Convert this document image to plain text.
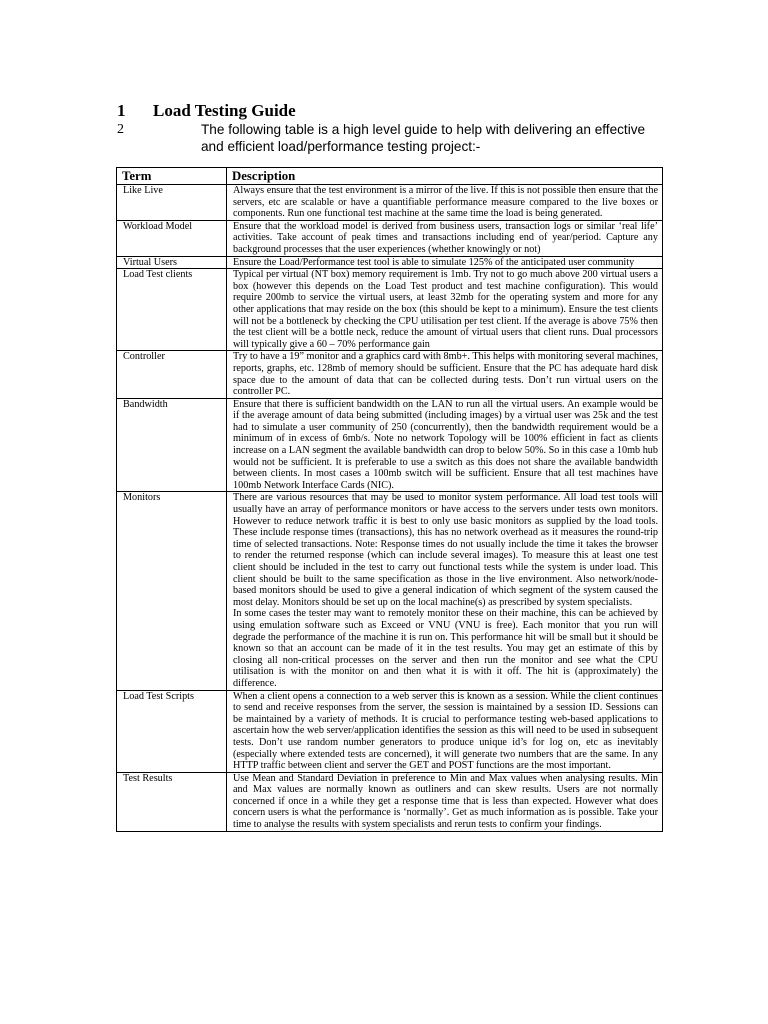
1 Load Testing Guide
2	The following table is a high level guide to help with delivering an effective
and efficient load/performance testing project:-
Term	Description
Like Live	Always ensure that the test environment is a mirror of the live. If this is not possible then ensure that the servers, etc are scalable or have a quantifiable performance measure compared to the live boxes or components. Run one functional test machine at the same time the load is being generated.
Workload Model	Ensure that the workload model is derived from business users, transaction logs or similar ‘real life’ activities. Take account of peak times and transactions including end of year/period. Capture any background processes that the user experiences (whether knowingly or not)
Virtual Users	Ensure the Load/Performance test tool is able to simulate 125% of the anticipated user community
Load Test clients	Typical per virtual (NT box) memory requirement is 1mb. Try not to go much above 200 virtual users a box (however this depends on the Load Test product and test machine configuration). This would require 200mb to service the virtual users, at least 32mb for the operating system and more for any other applications that may reside on the box (this should be kept to a minimum). Ensure the test clients will not be a bottleneck by checking the CPU utilisation per test client. If the average is above 75% then the test client will be a bottle neck, reduce the amount of virtual users that client runs. Dual processors will typically give a 60 – 70% performance gain
Controller	Try to have a 19” monitor and a graphics card with 8mb+. This helps with monitoring several machines, reports, graphs, etc. 128mb of memory should be sufficient. Ensure that the PC has adequate hard disk space due to the amount of data that can be collected during tests. Don’t run virtual users on the controller PC.
Bandwidth	Ensure that there is sufficient bandwidth on the LAN to run all the virtual users. An example would be if the average amount of data being submitted (including images) by a virtual user was 25k and the test had to simulate a user community of 250 (concurrently), then the bandwidth requirement would be a minimum of in excess of 6mb/s. Note no network Topology will be 100% efficient in fact as clients increase on a LAN segment the available bandwidth can drop to below 50%. So in this case a 10mb hub would not be sufficient. It is preferable to use a switch as this does not share the available bandwidth between clients. In most cases a 100mb switch will be sufficient. Ensure that all test machines have 100mb Network Interface Cards (NIC).
Monitors	There are various resources that may be used to monitor system performance. All load test tools will usually have an array of performance monitors or have access to the servers under tests own monitors. However to reduce network traffic it is best to only use basic monitors as supplied by the load tools. These include response times (transactions), this has no network overhead as it measures the round-trip time of selected transactions. Note: Response times do not usually include the time it takes the browser to render the returned response (which can include several images). To measure this at least one test client should be included in the test to carry out functional tests while the system is under load. This client should be built to the same specification as those in the live environment. Also network/node-based monitors should be used to give a general indication of which segment of the system caused the most delay. Monitors should be set up on the local machine(s) as prescribed by system specialists.

In some cases the tester may want to remotely monitor these on their machine, this can be achieved by using emulation software such as Exceed or VNU (VNU is free). Each monitor that you run will degrade the performance of the machine it is run on. This performance hit will be small but it should be known so that an account can be made of it in the test results. You may get an estimate of this by closing all non-critical processes on the server and then run the monitor and see what the CPU utilisation is with the monitor on and then what it is with it off. The hit is (approximately) the difference.

Load Test Scripts	When a client opens a connection to a web server this is known as a session. While the client continues to send and receive responses from the server, the session is maintained by a session ID. Sessions can be maintained by a variety of methods. It is crucial to performance testing web-based applications to ascertain how the web server/application identifies the session as this will need to be used in subsequent tests. Don’t use random number generators to produce unique id’s for log on, etc as inevitably (especially where extended tests are concerned), it will generate two numbers that are the same. In any HTTP traffic between client and server the GET and POST functions are the most important.
Test Results	Use Mean and Standard Deviation in preference to Min and Max values when analysing results. Min and Max values are normally known as outliners and can skew results. Users are not normally concerned if once in a while they get a response time that is less than expected. However what does concern users is what the performance is ‘normally’. Get as much information as is possible. Take your time to analyse the results with system specialists and rerun tests to confirm your findings.
